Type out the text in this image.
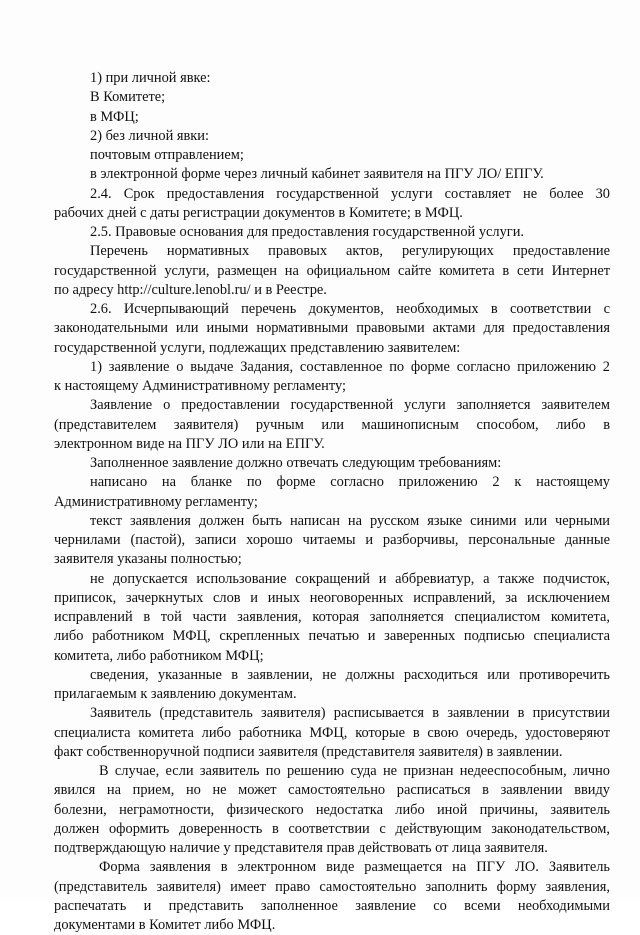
1) при личной явке:
В Комитете;
в МФЦ;
2) без личной явки:
почтовым отправлением;
в электронной форме через личный кабинет заявителя на ПГУ ЛО/ ЕПГУ.
2.4. Срок предоставления государственной услуги составляет не более 30
рабочих дней с даты регистрации документов в Комитете; в МФЦ.
2.5. Правовые основания для предоставления государственной услуги.
Перечень нормативных правовых актов, регулирующих предоставление
государственной услуги, размещен на официальном сайте комитета в сети Интернет
по адресу http://culture.lenobl.ru/ и в Реестре.
2.6. Исчерпывающий перечень документов, необходимых в соответствии с
законодательными или иными нормативными правовыми актами для предоставления
государственной услуги, подлежащих представлению заявителем:
1) заявление о выдаче Задания, составленное по форме согласно приложению 2
к настоящему Административному регламенту;
Заявление о предоставлении государственной услуги заполняется заявителем
(представителем заявителя) ручным или машинописным способом, либо в
электронном виде на ПГУ ЛО или на ЕПГУ.
Заполненное заявление должно отвечать следующим требованиям:
написано на бланке по форме согласно приложению 2 к настоящему
Административному регламенту;
текст заявления должен быть написан на русском языке синими или черными
чернилами (пастой), записи хорошо читаемы и разборчивы, персональные данные
заявителя указаны полностью;
не допускается использование сокращений и аббревиатур, а также подчисток,
приписок, зачеркнутых слов и иных неоговоренных исправлений, за исключением
исправлений в той части заявления, которая заполняется специалистом комитета,
либо работником МФЦ, скрепленных печатью и заверенных подписью специалиста
комитета, либо работником МФЦ;
сведения, указанные в заявлении, не должны расходиться или противоречить
прилагаемым к заявлению документам.
Заявитель (представитель заявителя) расписывается в заявлении в присутствии
специалиста комитета либо работника МФЦ, которые в свою очередь, удостоверяют
факт собственноручной подписи заявителя (представителя заявителя) в заявлении.
В случае, если заявитель по решению суда не признан недееспособным, лично
явился на прием, но не может самостоятельно расписаться в заявлении ввиду
болезни, неграмотности, физического недостатка либо иной причины, заявитель
должен оформить доверенность в соответствии с действующим законодательством,
подтверждающую наличие у представителя прав действовать от лица заявителя.
Форма заявления в электронном виде размещается на ПГУ ЛО. Заявитель
(представитель заявителя) имеет право самостоятельно заполнить форму заявления,
распечатать и представить заполненное заявление со всеми необходимыми
документами в Комитет либо МФЦ.
